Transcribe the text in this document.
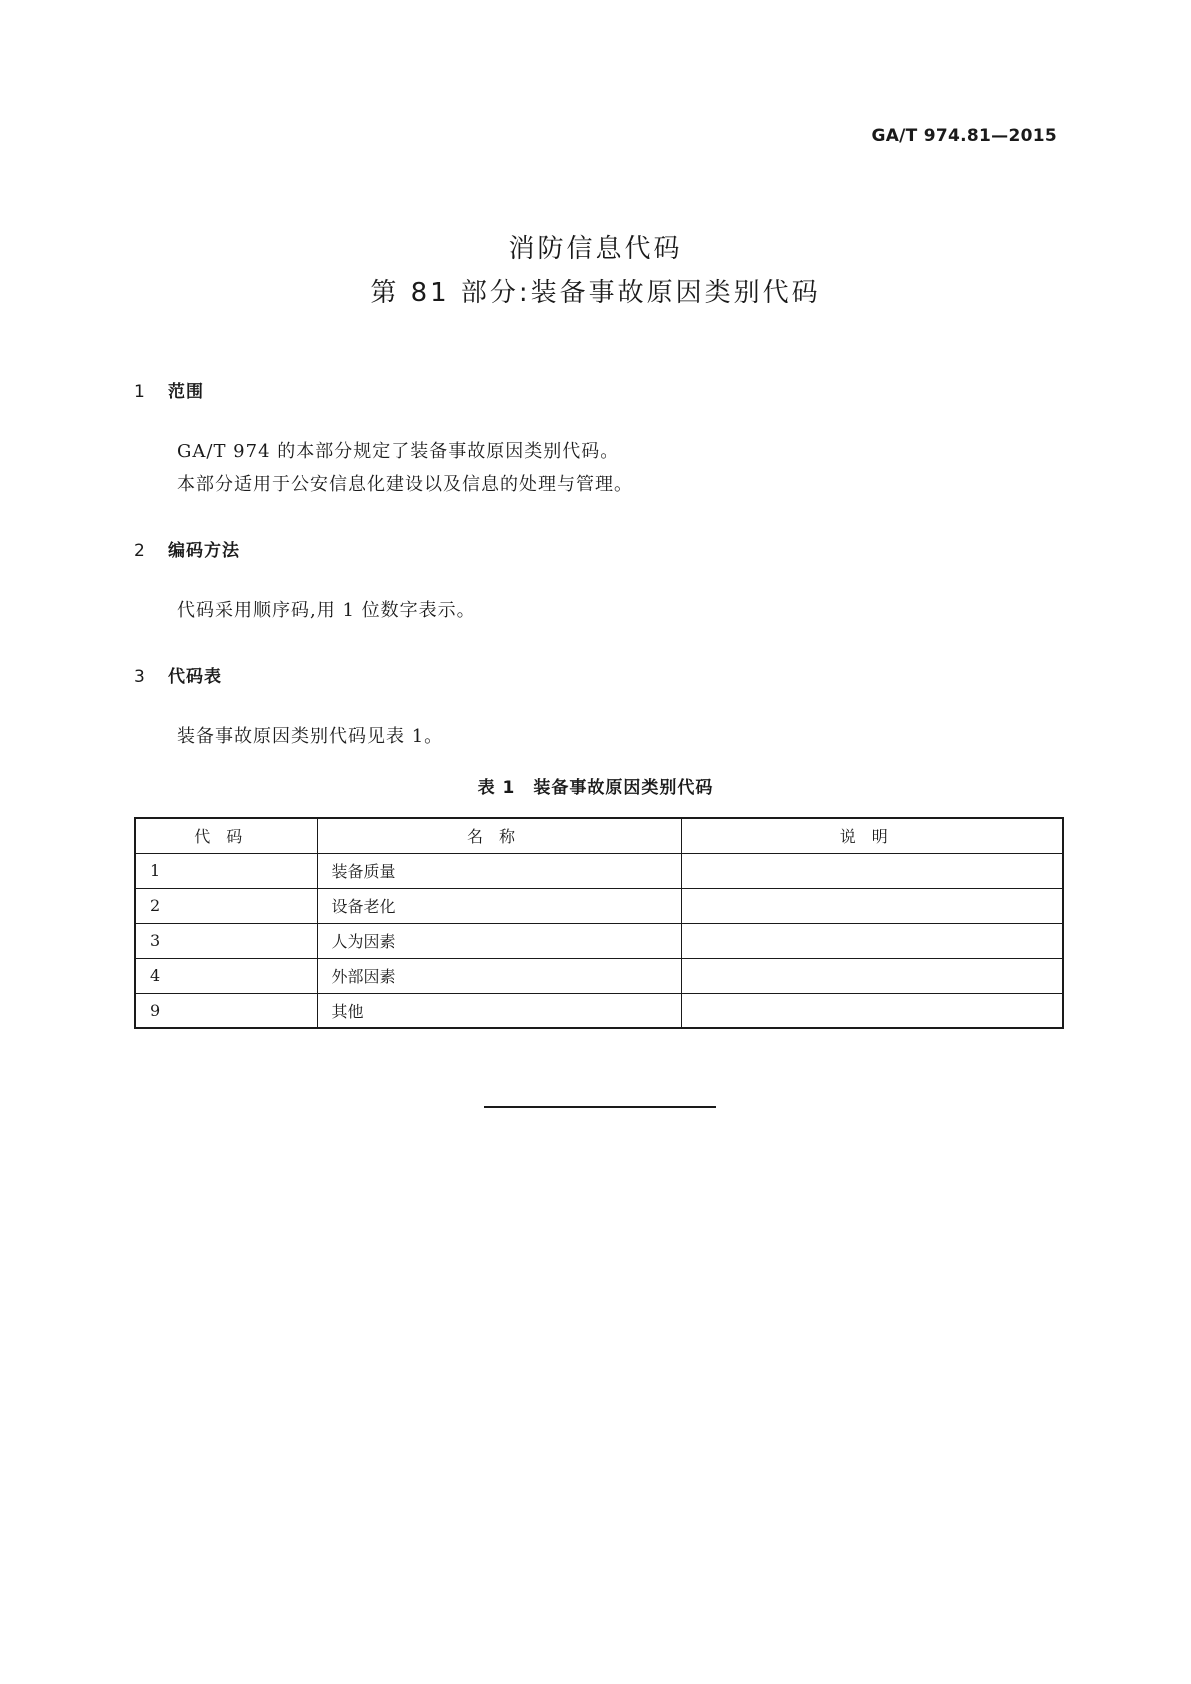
GA/T 974.81—2015
消防信息代码
第 81 部分:装备事故原因类别代码
1 范围
GA/T 974 的本部分规定了装备事故原因类别代码。
本部分适用于公安信息化建设以及信息的处理与管理。
2 编码方法
代码采用顺序码,用 1 位数字表示。
3 代码表
装备事故原因类别代码见表 1。
表 1　装备事故原因类别代码
代码	名称	说明
1	装备质量	
2	设备老化	
3	人为因素	
4	外部因素	
9	其他	
